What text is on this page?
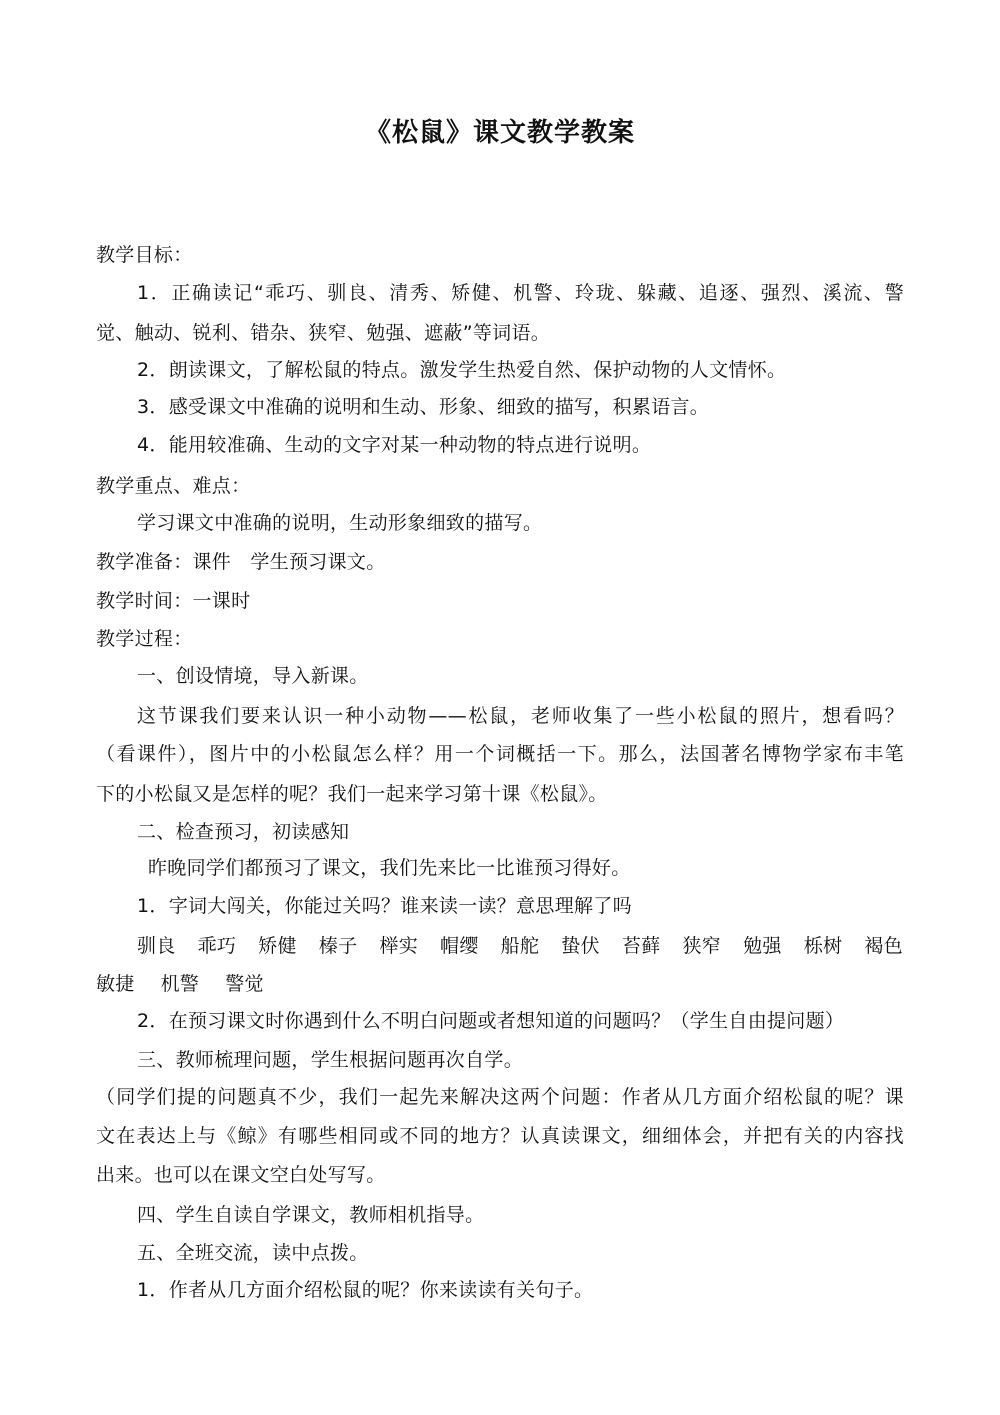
《松鼠》课文教学教案
教学目标：
1．正确读记“乖巧、驯良、清秀、矫健、机警、玲珑、躲藏、追逐、强烈、溪流、警
觉、触动、锐利、错杂、狭窄、勉强、遮蔽”等词语。
2．朗读课文，了解松鼠的特点。激发学生热爱自然、保护动物的人文情怀。
3．感受课文中准确的说明和生动、形象、细致的描写，积累语言。
4．能用较准确、生动的文字对某一种动物的特点进行说明。
教学重点、难点：
学习课文中准确的说明，生动形象细致的描写。
教学准备：课件　学生预习课文。
教学时间：一课时
教学过程：
一、创设情境，导入新课。
这节课我们要来认识一种小动物——松鼠，老师收集了一些小松鼠的照片，想看吗？
（看课件），图片中的小松鼠怎么样？用一个词概括一下。那么，法国著名博物学家布丰笔
下的小松鼠又是怎样的呢？我们一起来学习第十课《松鼠》。
二、检查预习，初读感知
昨晚同学们都预习了课文，我们先来比一比谁预习得好。
1．字词大闯关，你能过关吗？谁来读一读？意思理解了吗
驯良 乖巧 矫健 榛子 榉实 帽缨 船舵 蛰伏 苔藓 狭窄 勉强 栎树 褐色
敏捷 机警 警觉
2．在预习课文时你遇到什么不明白问题或者想知道的问题吗？（学生自由提问题）
三、教师梳理问题，学生根据问题再次自学。
（同学们提的问题真不少，我们一起先来解决这两个问题：作者从几方面介绍松鼠的呢？课
文在表达上与《鲸》有哪些相同或不同的地方？认真读课文，细细体会，并把有关的内容找
出来。也可以在课文空白处写写。
四、学生自读自学课文，教师相机指导。
五、全班交流，读中点拨。
1．作者从几方面介绍松鼠的呢？你来读读有关句子。
